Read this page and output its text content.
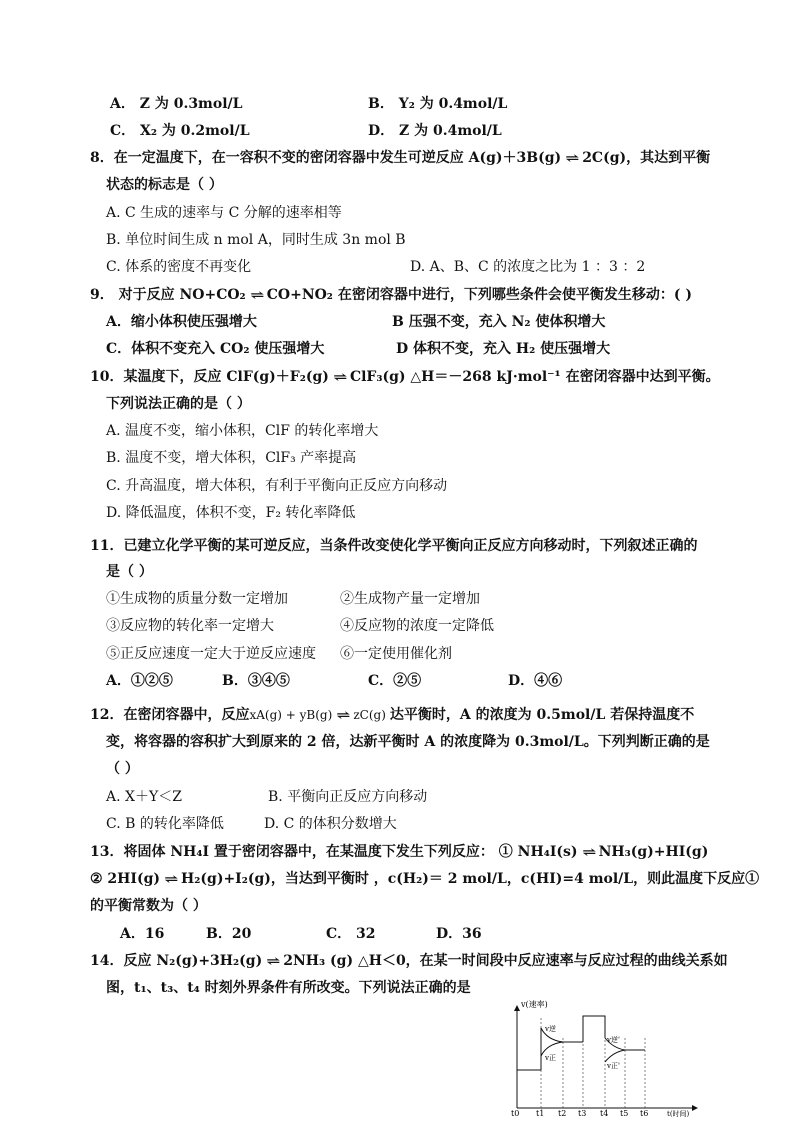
A． Z 为 0.3mol/L	B． Y₂ 为 0.4mol/L
C． X₂ 为 0.2mol/L	D． Z 为 0.4mol/L
8．在一定温度下，在一容积不变的密闭容器中发生可逆反应 A(g)＋3B(g) ⇌ 2C(g)，其达到平衡
状态的标志是（ ）
A. C 生成的速率与 C 分解的速率相等
B. 单位时间生成 n mol A，同时生成 3n mol B
C. 体系的密度不再变化	D. A、B、C 的浓度之比为 1 ：3 ：2
9． 对于反应 NO+CO₂ ⇌ CO+NO₂ 在密闭容器中进行，下列哪些条件会使平衡发生移动：( )
A．缩小体积使压强增大	B 压强不变，充入 N₂ 使体积增大
C．体积不变充入 CO₂ 使压强增大	D 体积不变，充入 H₂ 使压强增大
10．某温度下，反应 ClF(g)＋F₂(g) ⇌ ClF₃(g) △H＝－268 kJ·mol⁻¹ 在密闭容器中达到平衡。
下列说法正确的是（ ）
A. 温度不变，缩小体积，ClF 的转化率增大
B. 温度不变，增大体积，ClF₃ 产率提高
C. 升高温度，增大体积，有利于平衡向正反应方向移动
D. 降低温度，体积不变，F₂ 转化率降低
11．已建立化学平衡的某可逆反应，当条件改变使化学平衡向正反应方向移动时，下列叙述正确的
是（ ）
①生成物的质量分数一定增加	②生成物产量一定增加
③反应物的转化率一定增大	④反应物的浓度一定降低
⑤正反应速度一定大于逆反应速度 ⑥一定使用催化剂
A．①②⑤	B．③④⑤	C．②⑤	D．④⑥
12．在密闭容器中，反应xA(g) + yB(g) ⇌ zC(g) 达平衡时，A 的浓度为 0.5mol/L 若保持温度不
变，将容器的容积扩大到原来的 2 倍，达新平衡时 A 的浓度降为 0.3mol/L。下列判断正确的是
（ ）
A. X＋Y＜Z	B. 平衡向正反应方向移动
C. B 的转化率降低	D. C 的体积分数增大
13．将固体 NH₄I 置于密闭容器中，在某温度下发生下列反应： ① NH₄I(s) ⇌ NH₃(g)+HI(g)
② 2HI(g) ⇌ H₂(g)+I₂(g)，当达到平衡时 ，c(H₂)＝ 2 mol/L，c(HI)=4 mol/L，则此温度下反应①
的平衡常数为（ ）
A．16	B．20	C． 32	D．36
14．反应 N₂(g)+3H₂(g) ⇌ 2NH₃ (g) △H＜0，在某一时间段中反应速率与反应过程的曲线关系如
图，t₁、t₃、t₄ 时刻外界条件有所改变。下列说法正确的是
v(速率)
t(时间)
v逆
v正
v逆'
v正'
t0 t1 t2 t3 t4 t5 t6
